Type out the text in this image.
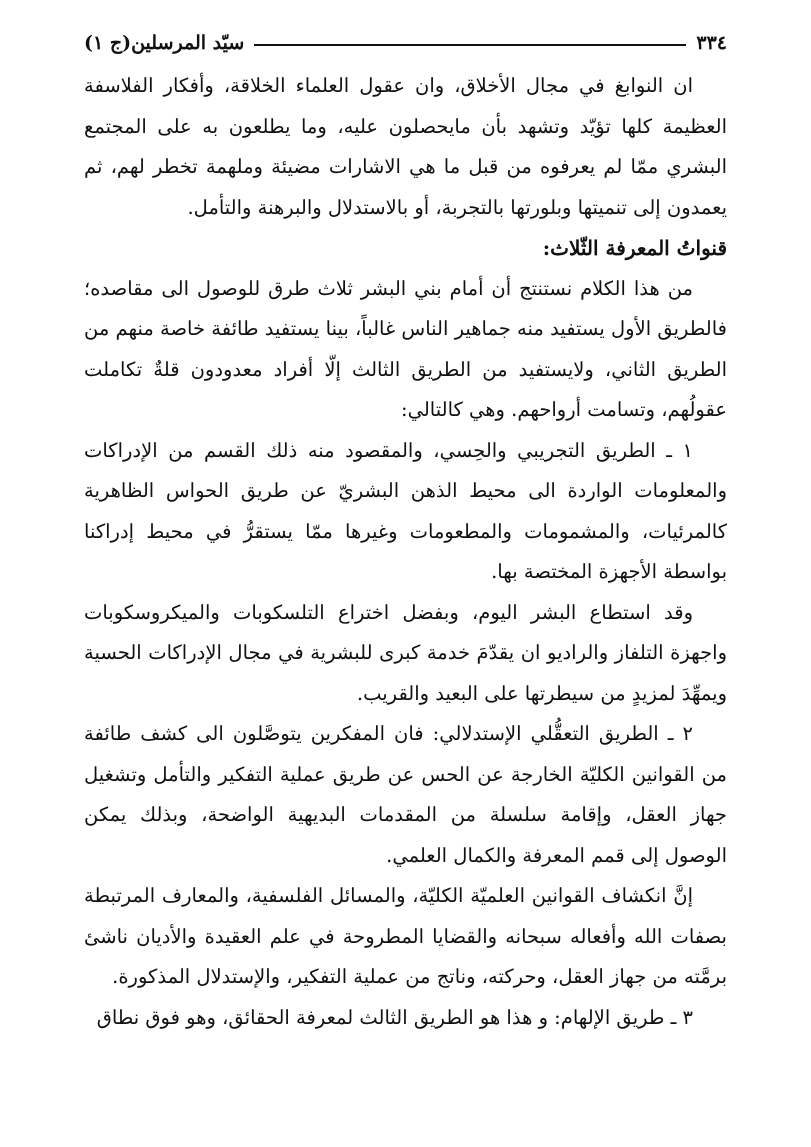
٣٣٤
سيّد المرسلين(ج ١)

ان النوابغ في مجال الأخلاق، وان عقول العلماء الخلاقة، وأفكار الفلاسفة العظيمة كلها تؤيّد وتشهد بأن مايحصلون عليه، وما يطلعون به على المجتمع البشري ممّا لم يعرفوه من قبل ما هي الاشارات مضيئة وملهمة تخطر لهم، ثم يعمدون إلى تنميتها وبلورتها بالتجربة، أو بالاستدلال والبرهنة والتأمل.

قنواتُ المعرفة الثّلاث:

من هذا الكلام نستنتج أن أمام بني البشر ثلاث طرق للوصول الى مقاصده؛ فالطريق الأول يستفيد منه جماهير الناس غالباً، بينا يستفيد طائفة خاصة منهم من الطريق الثاني، ولايستفيد من الطريق الثالث إلّا أفراد معدودون قلةٌ تكاملت عقولُهم، وتسامت أرواحهم. وهي كالتالي:

١ ـ الطريق التجريبي والحِسي، والمقصود منه ذلك القسم من الإدراكات والمعلومات الواردة الى محيط الذهن البشريّ عن طريق الحواس الظاهرية كالمرئيات، والمشمومات والمطعومات وغيرها ممّا يستقرُّ في محيط إدراكنا بواسطة الأجهزة المختصة بها.

وقد استطاع البشر اليوم، وبفضل اختراع التلسكوبات والميكروسكوبات واجهزة التلفاز والراديو ان يقدّمَ خدمة كبرى للبشرية في مجال الإدراكات الحسية ويمهِّدَ لمزيدٍ من سيطرتها على البعيد والقريب.

٢ ـ الطريق التعقُّلي الإستدلالي: فان المفكرين يتوصَّلون الى كشف طائفة من القوانين الكليّة الخارجة عن الحس عن طريق عملية التفكير والتأمل وتشغيل جهاز العقل، وإقامة سلسلة من المقدمات البديهية الواضحة، وبذلك يمكن الوصول إلى قمم المعرفة والكمال العلمي.

إنَّ انكشاف القوانين العلميّة الكليّة، والمسائل الفلسفية، والمعارف المرتبطة بصفات الله وأفعاله سبحانه والقضايا المطروحة في علم العقيدة والأديان ناشئ برمَّته من جهاز العقل، وحركته، وناتج من عملية التفكير، والإستدلال المذكورة.

٣ ـ طريق الإلهام: و هذا هو الطريق الثالث لمعرفة الحقائق، وهو فوق نطاق
